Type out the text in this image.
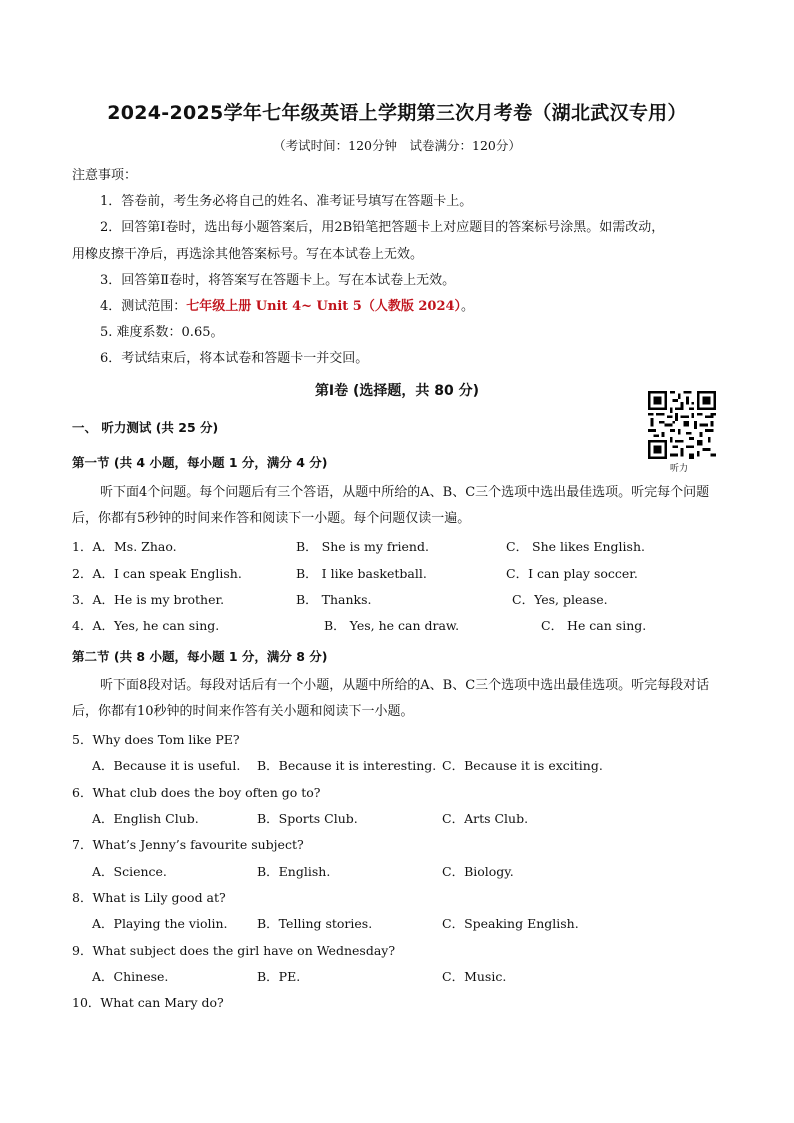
2024-2025学年七年级英语上学期第三次月考卷（湖北武汉专用）
（考试时间：120分钟　试卷满分：120分）
注意事项：
1．答卷前，考生务必将自己的姓名、准考证号填写在答题卡上。
2．回答第Ⅰ卷时，选出每小题答案后，用2B铅笔把答题卡上对应题目的答案标号涂黑。如需改动，
用橡皮擦干净后，再选涂其他答案标号。写在本试卷上无效。
3．回答第Ⅱ卷时，将答案写在答题卡上。写在本试卷上无效。
4．测试范围：七年级上册 Unit 4~ Unit 5（人教版 2024）。
5. 难度系数：0.65。
6．考试结束后，将本试卷和答题卡一并交回。
第Ⅰ卷 (选择题，共 80 分)
一、 听力测试 (共 25 分)
听力
第一节 (共 4 小题，每小题 1 分，满分 4 分)
听下面4个问题。每个问题后有三个答语，从题中所给的A、B、C三个选项中选出最佳选项。听完每个问题后，你都有5秒钟的时间来作答和阅读下一小题。每个问题仅读一遍。
1．A．Ms. Zhao.	B． She is my friend.	C． She likes English.
2．A．I can speak English.	B． I like basketball.	C．I can play soccer.
3．A．He is my brother.	B． Thanks.	C．Yes, please.
4．A．Yes, he can sing.	B． Yes, he can draw.	C． He can sing.
第二节 (共 8 小题，每小题 1 分，满分 8 分)
听下面8段对话。每段对话后有一个小题，从题中所给的A、B、C三个选项中选出最佳选项。听完每段对话后，你都有10秒钟的时间来作答有关小题和阅读下一小题。
5．Why does Tom like PE?
A．Because it is useful. B．Because it is interesting. C．Because it is exciting.
6．What club does the boy often go to?
A．English Club.	B．Sports Club.	C．Arts Club.
7．What’s Jenny’s favourite subject?
A．Science.	B．English.	C．Biology.
8．What is Lily good at?
A．Playing the violin. B．Telling stories.	C．Speaking English.
9．What subject does the girl have on Wednesday?
A．Chinese.	B．PE.	C．Music.
10．What can Mary do?
